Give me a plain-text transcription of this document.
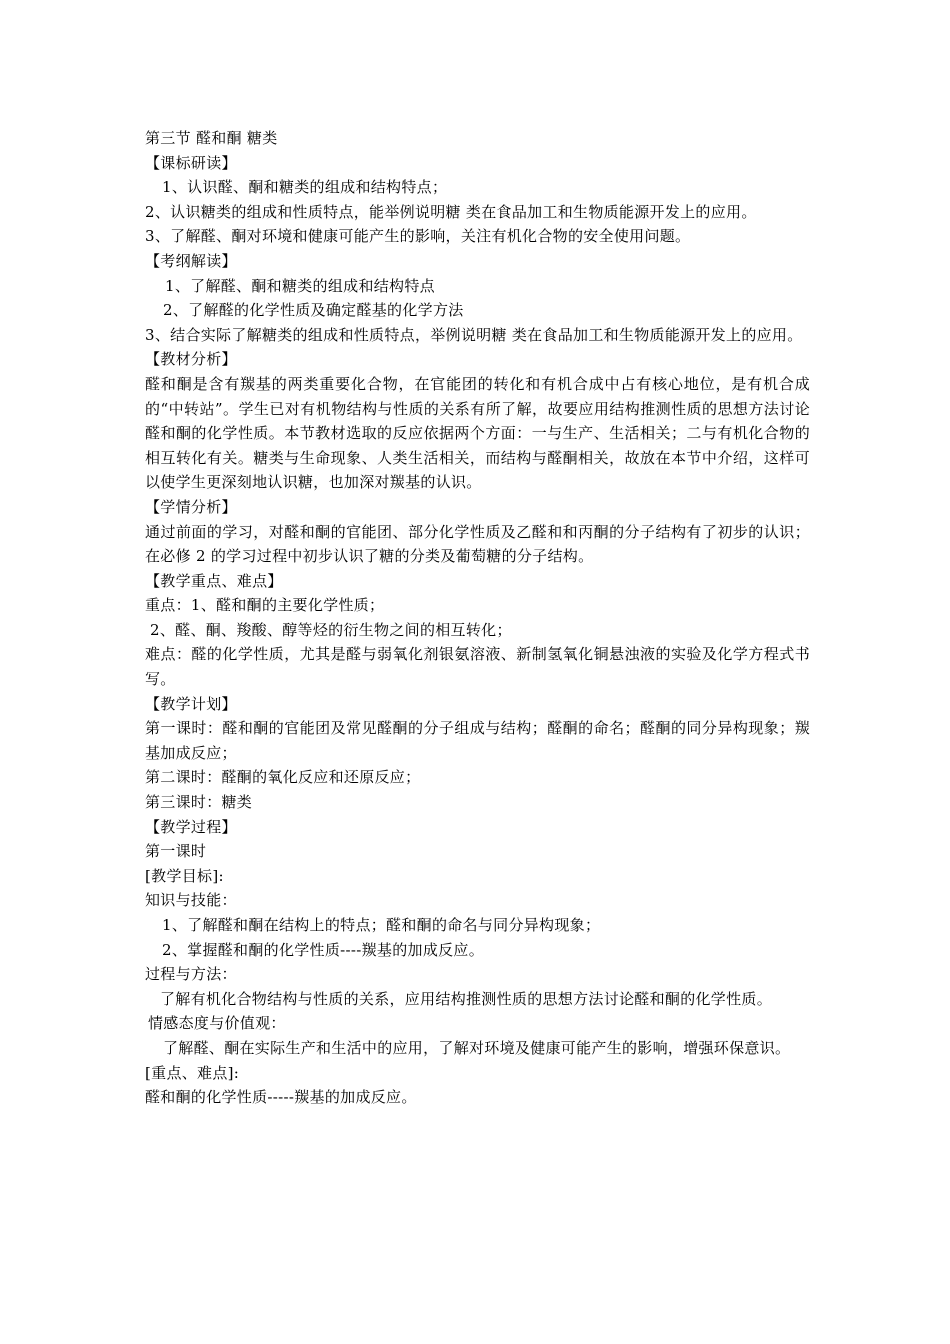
第三节 醛和酮 糖类
【课标研读】
1、认识醛、酮和糖类的组成和结构特点；
2、认识糖类的组成和性质特点，能举例说明糖 类在食品加工和生物质能源开发上的应用。
3、了解醛、酮对环境和健康可能产生的影响，关注有机化合物的安全使用问题。
【考纲解读】
1、了解醛、酮和糖类的组成和结构特点
2、了解醛的化学性质及确定醛基的化学方法
3、结合实际了解糖类的组成和性质特点，举例说明糖 类在食品加工和生物质能源开发上的应用。
【教材分析】
醛和酮是含有羰基的两类重要化合物，在官能团的转化和有机合成中占有核心地位，是有机合成的“中转站”。学生已对有机物结构与性质的关系有所了解，故要应用结构推测性质的思想方法讨论醛和酮的化学性质。本节教材选取的反应依据两个方面：一与生产、生活相关；二与有机化合物的相互转化有关。糖类与生命现象、人类生活相关，而结构与醛酮相关，故放在本节中介绍，这样可以使学生更深刻地认识糖，也加深对羰基的认识。
【学情分析】
通过前面的学习，对醛和酮的官能团、部分化学性质及乙醛和和丙酮的分子结构有了初步的认识；在必修 2 的学习过程中初步认识了糖的分类及葡萄糖的分子结构。
【教学重点、难点】
重点：1、醛和酮的主要化学性质；
2、醛、酮、羧酸、醇等烃的衍生物之间的相互转化；
难点：醛的化学性质，尤其是醛与弱氧化剂银氨溶液、新制氢氧化铜悬浊液的实验及化学方程式书写。
【教学计划】
第一课时：醛和酮的官能团及常见醛酮的分子组成与结构；醛酮的命名；醛酮的同分异构现象；羰基加成反应；
第二课时：醛酮的氧化反应和还原反应；
第三课时：糖类
【教学过程】
第一课时
[教学目标]:
知识与技能：
1、了解醛和酮在结构上的特点；醛和酮的命名与同分异构现象；
2、掌握醛和酮的化学性质----羰基的加成反应。
过程与方法：
了解有机化合物结构与性质的关系，应用结构推测性质的思想方法讨论醛和酮的化学性质。
情感态度与价值观：
了解醛、酮在实际生产和生活中的应用，了解对环境及健康可能产生的影响，增强环保意识。
[重点、难点]:
醛和酮的化学性质-----羰基的加成反应。
